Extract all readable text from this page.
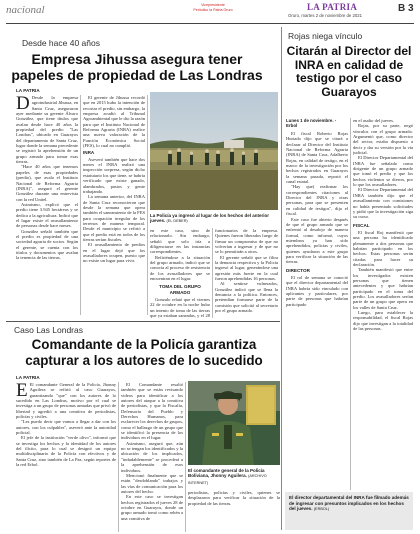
nacional	Vicepresidente
Periódico la Patria Oruro	LA PATRIA
Oruro, martes 2 de noviembre de 2021
B 3
Desde hace 40 años
Empresa Jihussa asegura tener
papeles de propiedad de Las Londras
LA PATRIA

D Desde la empresa agroindustrial Jihussa, en Santa Cruz, aseguraron ayer mediante su gerente Álvaro González, que tiene títulos que avalan desde hace 40 años la propiedad del predio "Las Londras", ubicado en Guarayos del departamento de Santa Cruz, lugar donde la semana precedente se registró la aprehensión de un grupo armado para tomar esas tierras.

"Hace 40 años que tenemos papeles de esas propiedades (predio), que avala el Instituto Nacional de Reforma Agraria (INRA)", aseguró el gerente González durante una entrevista con la red Unitel.

Asimismo, explicó que el predio tiene 3.945 hectáreas y se dedica a la agricultura. Indicó que el lugar existe el avasallamiento de personas desde hace meses.

González señaló también que el predio es propiedad de una sociedad agraria de socios. Según el gerente, se cuenta con los títulos y documentos que avalan la tenencia de las tierras.

El gerente de Jihussa recordó que en 2015 hubo la intención de recortar el predio, sin embargo, la empresa acudió al Tribunal Agroambiental que le dio la razón para que el Instituto Nacional de Reforma Agraria (INRA) realice una nueva valoración de la Función Económica Social (FES), lo cual no cumplió.

INRA

Aseveró también que hace dos meses el INRA realizó una inspección sorpresa, según dicho estatutario los que tiene, se habría verificado que existe ganado, alambrados, pastos y gente trabajando.

La semana anterior, del INRA de Santa Cruz reconocieron que desde la semana que opera también el saneamiento de la FES para ocupación irregular de los terrenos de manera temporal. Desde el municipio se refirió a que el predio está en todos de los tierras serían fiscales.

El avasallamiento de predios en el lugar dejó que los avasalladores ocupen, puesto que no existe un lugar para vivir.

La Policía ya ingresó al lugar de los hechos del anterior jueves. (EL DEBER)

en este caso, sino de relacionarlo. Sin embargo, señaló que solo iría a diligenciarse en las instancias correspondientes.

Refiriéndose a la situación del grupo armado, indicó que se conocía al proceso de resistencia de los avasalladores que se encuentran en el lugar.

TOMA DEL GRUPO ARMADO

Gonzalo relató que el viernes 22 de octubre en la noche hubo un intento de toma de las tierras que ya estaban saneadas, y el 28

funcionarios de la empresa. Quienes fueron liberados luego de firmar un compromiso de que no volverían a ingresar y de que no se lo permitirán a otros.

El gerente señaló que se filtra la denuncia respectiva y la Policía ingresó al lugar, generándose una agresión más fuerte en la cual fueron aprehendidas 16 personas.

Al sentirse vulnerados, González indicó que se llena la denuncia a la política. Entonces, pretendían formarse parte de la comisión que solicitó al secretario por el grupo armado.

Caso Las Londras
Comandante de la Policía garantiza
capturar a los autores de lo sucedido
LA PATRIA

E El comandante General de la Policía, Jhonny Aguilera se refirió al caso Guarayos, garantizando "que" con los autores de lo sucedido en Las Londras, motivo por el cual se investiga a un grupo de personas armadas que privó de libertad y agredió a una comitiva de periodistas, policías y civiles.

"Les puedo decir que vamos a llegar a dar con los autores, con los culpables", aseveró ante la autoridad policial.

El jefe de la institución "verde olivo", informó que se investiga los hechos y la identidad de los autores del ilícito, para lo cual se designó un equipo multidisciplinario de la Policía con efectivos y de Santa Cruz, sino también de La Paz, según reportes de la red Erbol.

El Comandante resaltó también que se están revisando videos para identificar a los autores del ataque a la comitiva de periodistas, y que la Fiscalía, Defensoría del Pueblo y Derechos Humanos, para esclarecer los derechos de grupos, como el hallazgo de un grupo que se identificó la presencia de los individuos en el lugar.

Asimismo, aseguró que, aún no se tengan los identificados y la ubicación de los implicados, "indudablemente" se procederá a la aprehensión de esos individuos.

Mencionó finalmente que se están "desdoblando" trabajos y las vías de comunicación para los autores del hecho.

En este caso se investigan hechos registrados el jueves 28 de octubre en Guarayos, donde un grupo armado tomó como rehén a una comitiva de

El comandante general de la Policía Boliviana, Jhonny Aguilera. (ARCHIVO INTERNET)

periodistas, policías y civiles, quienes se desplazaron para verificar la situación de la propiedad de las tierras.

Rojas niega vínculo
Citarán al Director del INRA en calidad de testigo por el caso Guarayos
Lunes 1 de noviembre. - Erbol

El fiscal Roberto Rojas Hurtado dijo que se citará a declarar al Director del Instituto Nacional de Reforma Agraria (INRA) de Santa Cruz, Adalberto Rojas, en calidad de testigo, en el marco de la investigación por los hechos registrados en Guarayos la semana pasada, reportó el canal estatal.

"Hay que) reafirmar los correspondientes citaciones al Director del INRA y otras personas, para que se presenten en calidad de testigos", dijo el fiscal.

Este caso fue abierto después de que el grupo armado que se enfrentó al desalojo de manera formal, como informó, cuyos miembros ya han sido aprehendidos, policías y civiles, quienes ayudaron a este grupo para verificar la situación de las tierras.

DIRECTOR

El rol de semana se conoció que el director departamental del INRA habría sido vinculado con aplicantes y particulares, por parte de personas que habrían participado

en el asalto del jueves.

Rojas, por su parte, negó vínculos con el grupo armado. Argumentó que, como director del sector, estaba dispuesto a decir y dar su versión por la vía judicial.

El Director Departamental del INRA fue señalado como dirigente de un grupo armado que tomó el predio y que los hechos violentos se dieron, por lo que los avasalladores.

El Director Departamental del INRA también dijo que el avasallamiento con comisiones no había presentado solicitudes y pidió que la investigación siga su curso.

FISCAL

El fiscal Roj manifestó que una persona ha identificado plenamente a dos personas que habrían participado en los hechos. Estas personas serán citadas para hacer su declaración.

También manifestó que entre los investigados existen personas que tienen antecedentes y que habrían participado en el toma del predio. Los avasalladores serían parte de un grupo que opera en los valles de Santa Cruz.

Luego, para establecer la responsabilidad, el fiscal Rojas dijo que investigan a la totalidad de las personas.

El director departamental del INRA fue filmado además de ingresar con presuntos implicados en los hechos del jueves. (ERBOL)
